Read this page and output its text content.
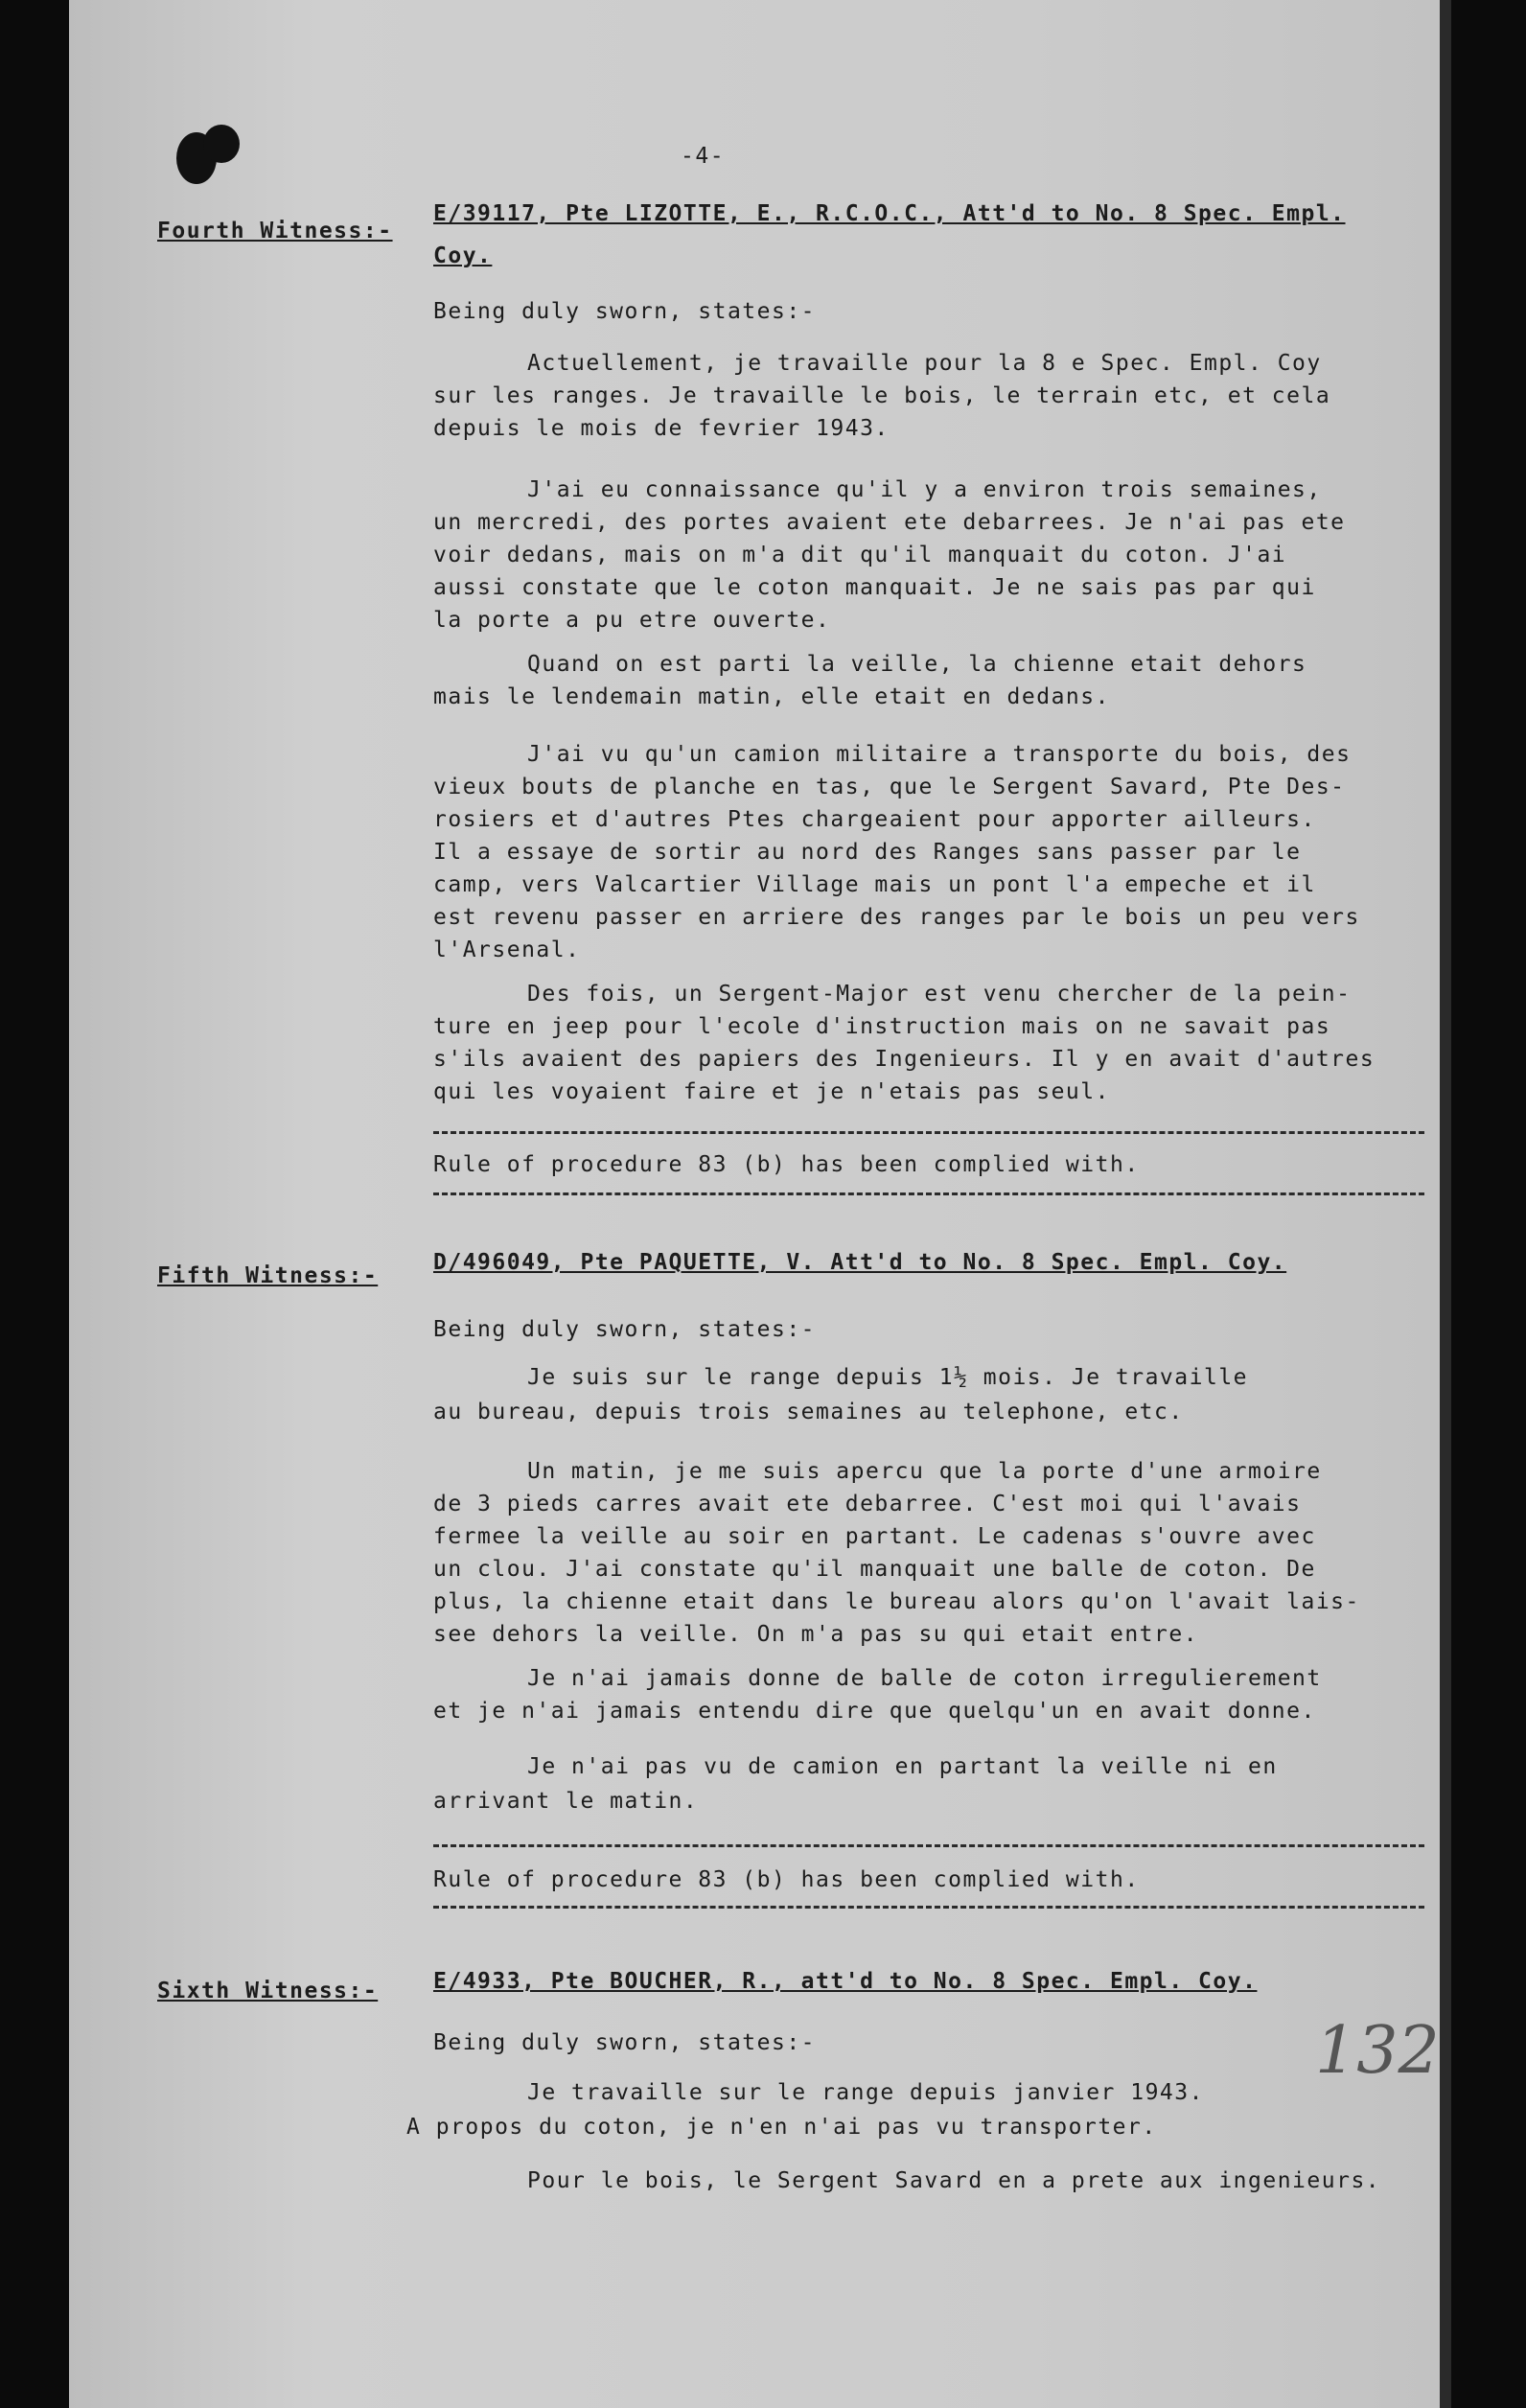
-4-
Fourth Witness:-
E/39117, Pte LIZOTTE, E., R.C.O.C., Att'd to No. 8 Spec. Empl.
Coy.
Being duly sworn, states:-
Actuellement, je travaille pour la 8 e Spec. Empl. Coy
sur les ranges. Je travaille le bois, le terrain etc, et cela
depuis le mois de fevrier 1943.
J'ai eu connaissance qu'il y a environ trois semaines,
un mercredi, des portes avaient ete debarrees. Je n'ai pas ete
voir dedans, mais on m'a dit qu'il manquait du coton. J'ai
aussi constate que le coton manquait. Je ne sais pas par qui
la porte a pu etre ouverte.
Quand on est parti la veille, la chienne etait dehors
mais le lendemain matin, elle etait en dedans.
J'ai vu qu'un camion militaire a transporte du bois, des
vieux bouts de planche en tas, que le Sergent Savard, Pte Des-
rosiers et d'autres Ptes chargeaient pour apporter ailleurs.
Il a essaye de sortir au nord des Ranges sans passer par le
camp, vers Valcartier Village mais un pont l'a empeche et il
est revenu passer en arriere des ranges par le bois un peu vers
l'Arsenal.
Des fois, un Sergent-Major est venu chercher de la pein-
ture en jeep pour l'ecole d'instruction mais on ne savait pas
s'ils avaient des papiers des Ingenieurs. Il y en avait d'autres
qui les voyaient faire et je n'etais pas seul.
Rule of procedure 83 (b) has been complied with.
Fifth Witness:-
D/496049, Pte PAQUETTE, V. Att'd to No. 8 Spec. Empl. Coy.
Being duly sworn, states:-
Je suis sur le range depuis 1½ mois. Je travaille
au bureau, depuis trois semaines au telephone, etc.
Un matin, je me suis apercu que la porte d'une armoire
de 3 pieds carres avait ete debarree. C'est moi qui l'avais
fermee la veille au soir en partant. Le cadenas s'ouvre avec
un clou. J'ai constate qu'il manquait une balle de coton. De
plus, la chienne etait dans le bureau alors qu'on l'avait lais-
see dehors la veille. On m'a pas su qui etait entre.
Je n'ai jamais donne de balle de coton irregulierement
et je n'ai jamais entendu dire que quelqu'un en avait donne.
Je n'ai pas vu de camion en partant la veille ni en
arrivant le matin.
Rule of procedure 83 (b) has been complied with.
Sixth Witness:-	E/4933, Pte BOUCHER, R., att'd to No. 8 Spec. Empl. Coy.
Being duly sworn, states:-
Je travaille sur le range depuis janvier 1943.
A propos du coton, je n'en n'ai pas vu transporter.
Pour le bois, le Sergent Savard en a prete aux ingenieurs.
132
